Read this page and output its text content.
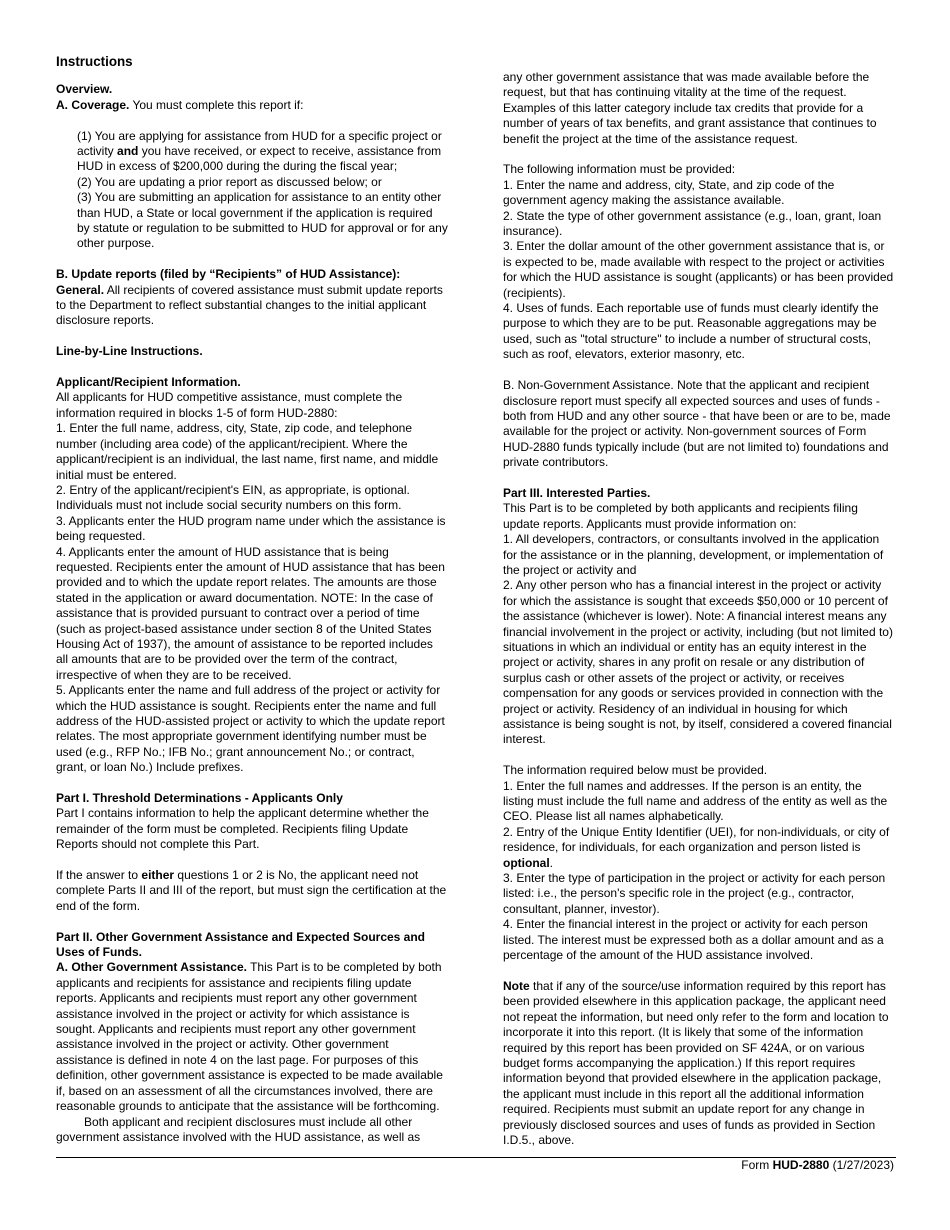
Instructions

Overview.

A. Coverage. You must complete this report if:

(1) You are applying for assistance from HUD for a specific project or activity and you have received, or expect to receive, assistance from HUD in excess of $200,000 during the during the fiscal year;

(2) You are updating a prior report as discussed below; or

(3) You are submitting an application for assistance to an entity other than HUD, a State or local government if the application is required by statute or regulation to be submitted to HUD for approval or for any other purpose.

B. Update reports (filed by “Recipients” of HUD Assistance):

General. All recipients of covered assistance must submit update reports to the Department to reflect substantial changes to the initial applicant disclosure reports.

Line-by-Line Instructions.

Applicant/Recipient Information.

All applicants for HUD competitive assistance, must complete the information required in blocks 1-5 of form HUD-2880:

1. Enter the full name, address, city, State, zip code, and telephone number (including area code) of the applicant/recipient. Where the applicant/recipient is an individual, the last name, first name, and middle initial must be entered.

2. Entry of the applicant/recipient's EIN, as appropriate, is optional. Individuals must not include social security numbers on this form.

3. Applicants enter the HUD program name under which the assistance is being requested.

4. Applicants enter the amount of HUD assistance that is being requested. Recipients enter the amount of HUD assistance that has been provided and to which the update report relates. The amounts are those stated in the application or award documentation. NOTE: In the case of assistance that is provided pursuant to contract over a period of time (such as project-based assistance under section 8 of the United States Housing Act of 1937), the amount of assistance to be reported includes all amounts that are to be provided over the term of the contract, irrespective of when they are to be received.

5. Applicants enter the name and full address of the project or activity for which the HUD assistance is sought. Recipients enter the name and full address of the HUD-assisted project or activity to which the update report relates. The most appropriate government identifying number must be used (e.g., RFP No.; IFB No.; grant announcement No.; or contract, grant, or loan No.) Include prefixes.

Part I. Threshold Determinations - Applicants Only

Part I contains information to help the applicant determine whether the remainder of the form must be completed. Recipients filing Update Reports should not complete this Part.

If the answer to either questions 1 or 2 is No, the applicant need not complete Parts II and III of the report, but must sign the certification at the end of the form.

Part II. Other Government Assistance and Expected Sources and Uses of Funds.

A. Other Government Assistance. This Part is to be completed by both applicants and recipients for assistance and recipients filing update reports. Applicants and recipients must report any other government assistance involved in the project or activity for which assistance is sought. Applicants and recipients must report any other government assistance involved in the project or activity. Other government assistance is defined in note 4 on the last page. For purposes of this definition, other government assistance is expected to be made available if, based on an assessment of all the circumstances involved, there are reasonable grounds to anticipate that the assistance will be forthcoming.

Both applicant and recipient disclosures must include all other government assistance involved with the HUD assistance, as well as

any other government assistance that was made available before the request, but that has continuing vitality at the time of the request. Examples of this latter category include tax credits that provide for a number of years of tax benefits, and grant assistance that continues to benefit the project at the time of the assistance request.

The following information must be provided:

1. Enter the name and address, city, State, and zip code of the government agency making the assistance available.

2. State the type of other government assistance (e.g., loan, grant, loan insurance).

3. Enter the dollar amount of the other government assistance that is, or is expected to be, made available with respect to the project or activities for which the HUD assistance is sought (applicants) or has been provided (recipients).

4. Uses of funds. Each reportable use of funds must clearly identify the purpose to which they are to be put. Reasonable aggregations may be used, such as "total structure" to include a number of structural costs, such as roof, elevators, exterior masonry, etc.

B. Non-Government Assistance. Note that the applicant and recipient disclosure report must specify all expected sources and uses of funds - both from HUD and any other source - that have been or are to be, made available for the project or activity. Non-government sources of Form HUD-2880 funds typically include (but are not limited to) foundations and private contributors.

Part III. Interested Parties.

This Part is to be completed by both applicants and recipients filing update reports. Applicants must provide information on:

1. All developers, contractors, or consultants involved in the application for the assistance or in the planning, development, or implementation of the project or activity and

2. Any other person who has a financial interest in the project or activity for which the assistance is sought that exceeds $50,000 or 10 percent of the assistance (whichever is lower). Note: A financial interest means any financial involvement in the project or activity, including (but not limited to) situations in which an individual or entity has an equity interest in the project or activity, shares in any profit on resale or any distribution of surplus cash or other assets of the project or activity, or receives compensation for any goods or services provided in connection with the project or activity. Residency of an individual in housing for which assistance is being sought is not, by itself, considered a covered financial interest.

The information required below must be provided.

1. Enter the full names and addresses. If the person is an entity, the listing must include the full name and address of the entity as well as the CEO. Please list all names alphabetically.

2. Entry of the Unique Entity Identifier (UEI), for non-individuals, or city of residence, for individuals, for each organization and person listed is optional.

3. Enter the type of participation in the project or activity for each person listed: i.e., the person's specific role in the project (e.g., contractor, consultant, planner, investor).

4. Enter the financial interest in the project or activity for each person listed. The interest must be expressed both as a dollar amount and as a percentage of the amount of the HUD assistance involved.

Note that if any of the source/use information required by this report has been provided elsewhere in this application package, the applicant need not repeat the information, but need only refer to the form and location to incorporate it into this report. (It is likely that some of the information required by this report has been provided on SF 424A, or on various budget forms accompanying the application.) If this report requires information beyond that provided elsewhere in the application package, the applicant must include in this report all the additional information required. Recipients must submit an update report for any change in previously disclosed sources and uses of funds as provided in Section I.D.5., above.

Form HUD-2880 (1/27/2023)
